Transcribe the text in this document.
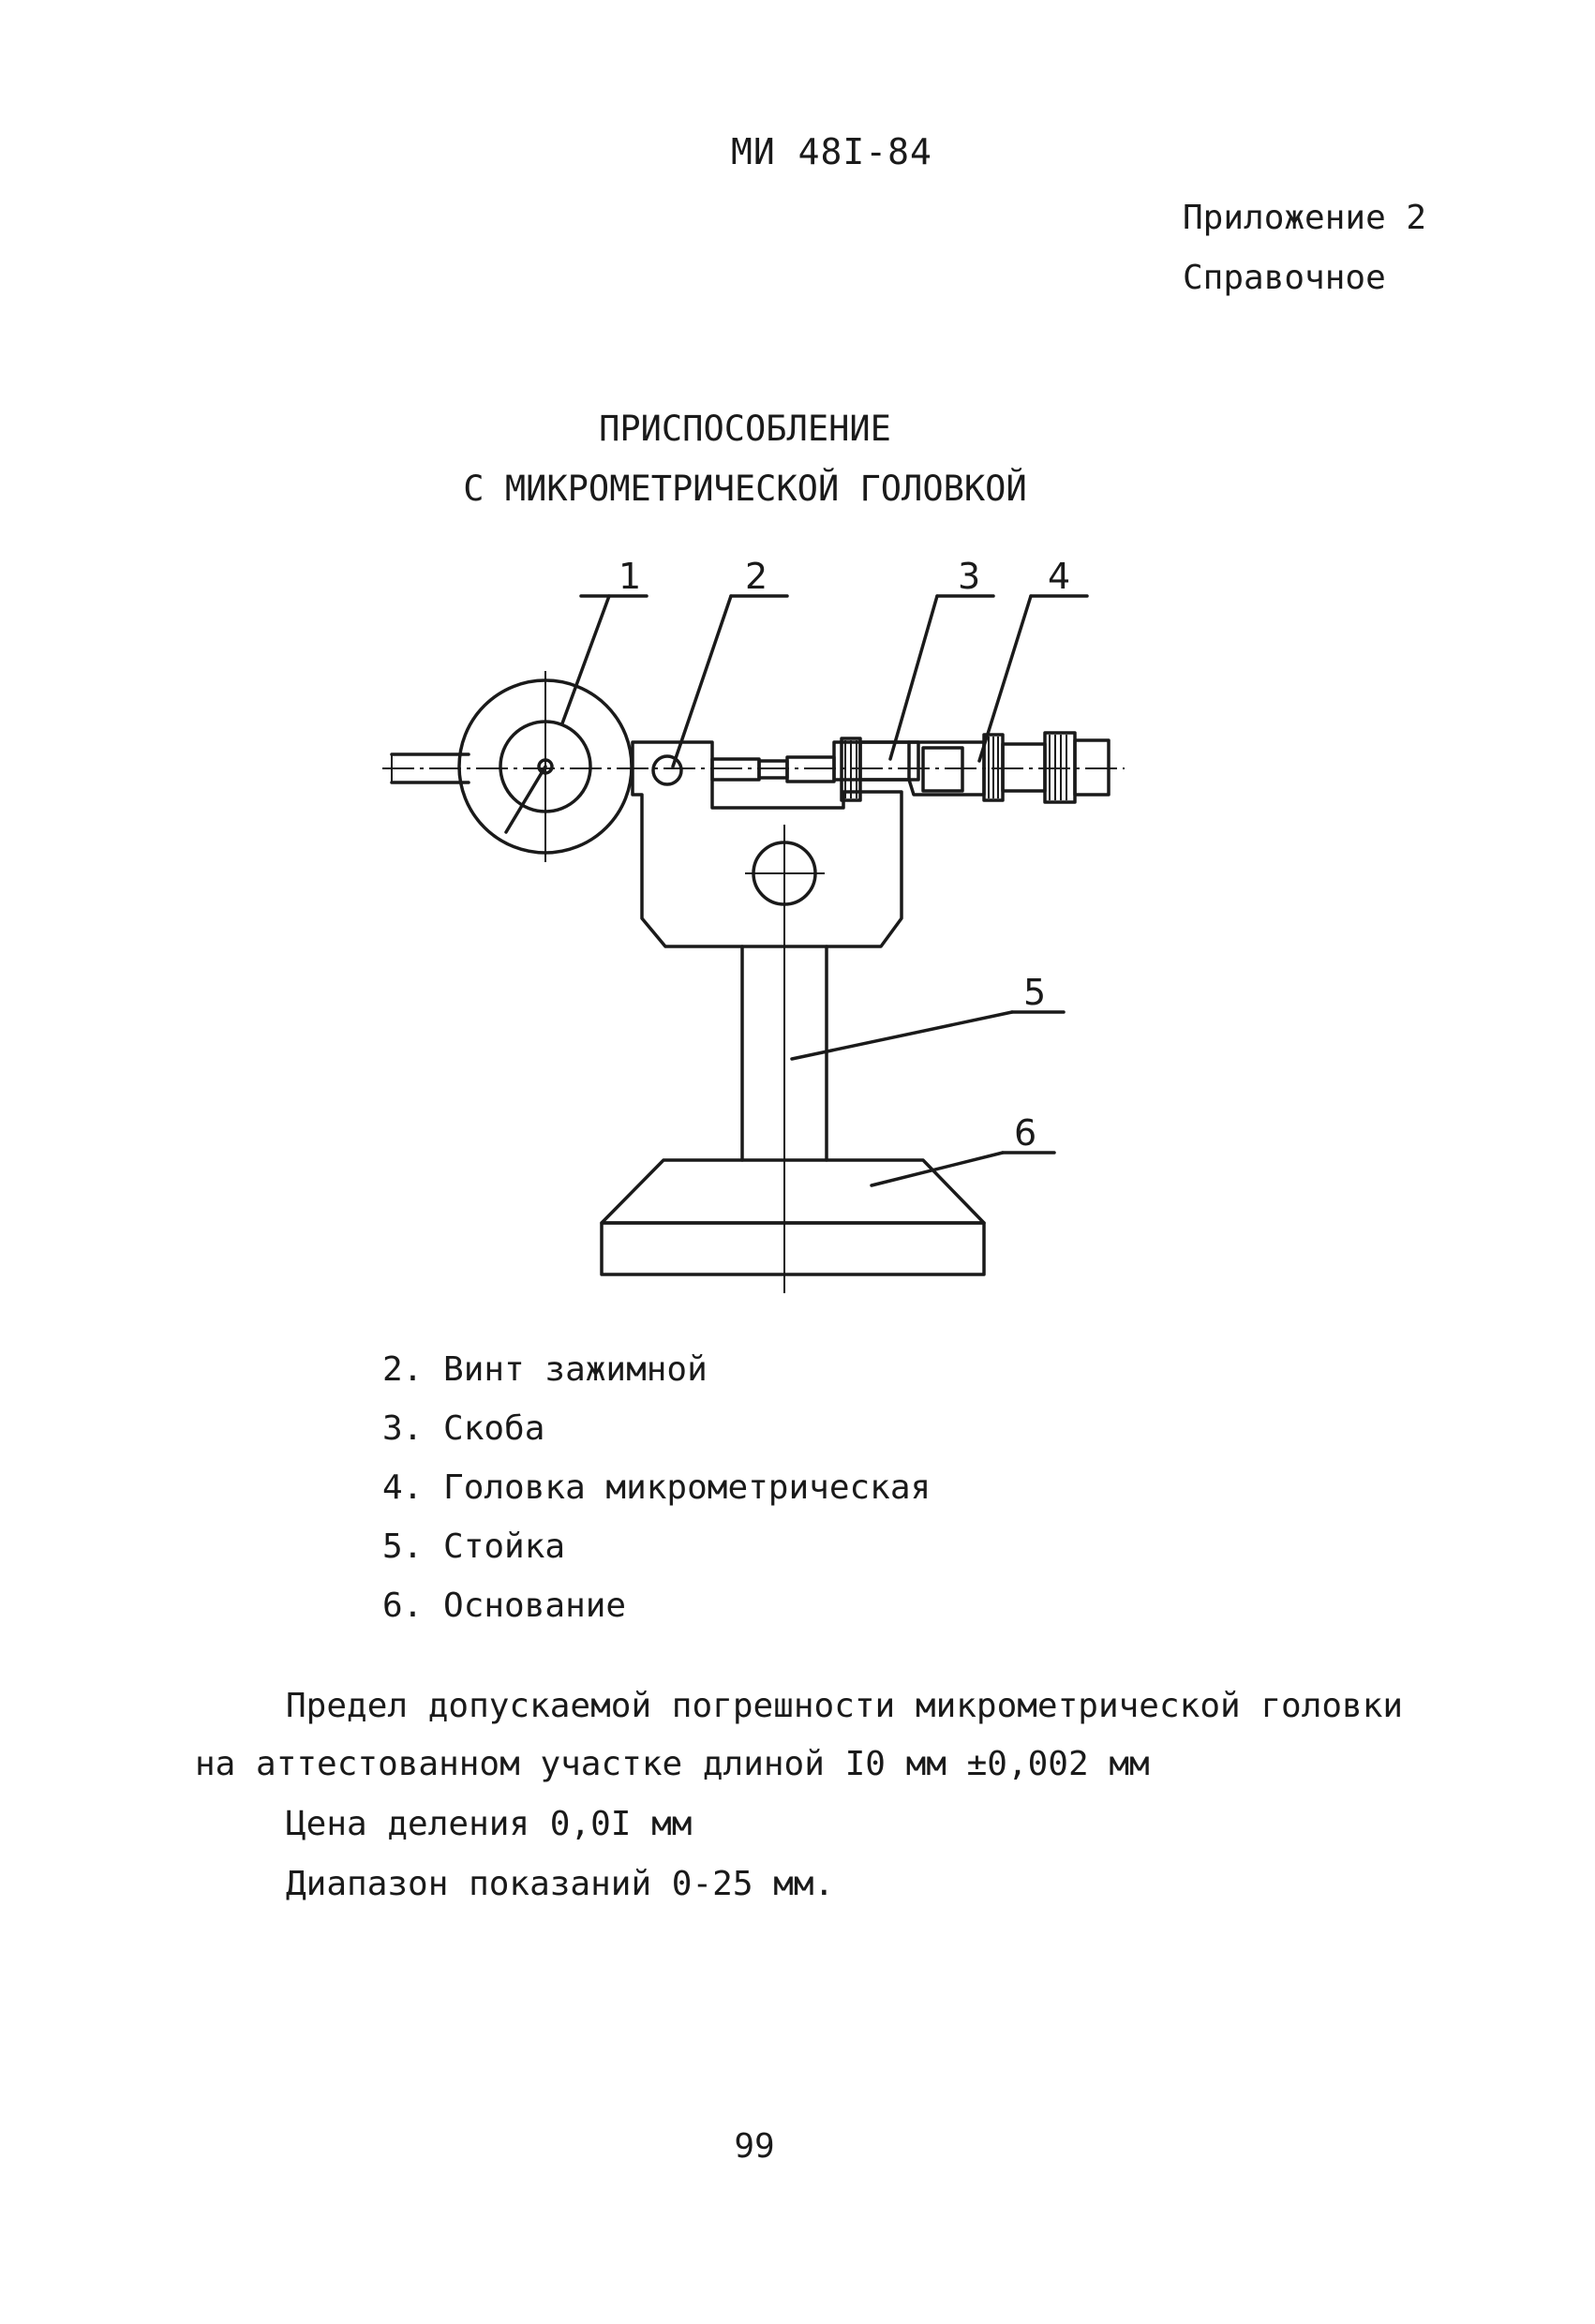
МИ 48I-84
Приложение 2
Справочное
ПРИСПОСОБЛЕНИЕ
С МИКРОМЕТРИЧЕСКОЙ ГОЛОВКОЙ
1	2	3 4
5
6
2. Винт зажимной
3. Скоба
4. Головка микрометрическая
5. Стойка
6. Основание
Предел допускаемой погрешности микрометрической головки
на аттестованном участке длиной I0 мм ±0,002 мм
Цена деления 0,0I мм
Диапазон показаний 0-25 мм.
99
